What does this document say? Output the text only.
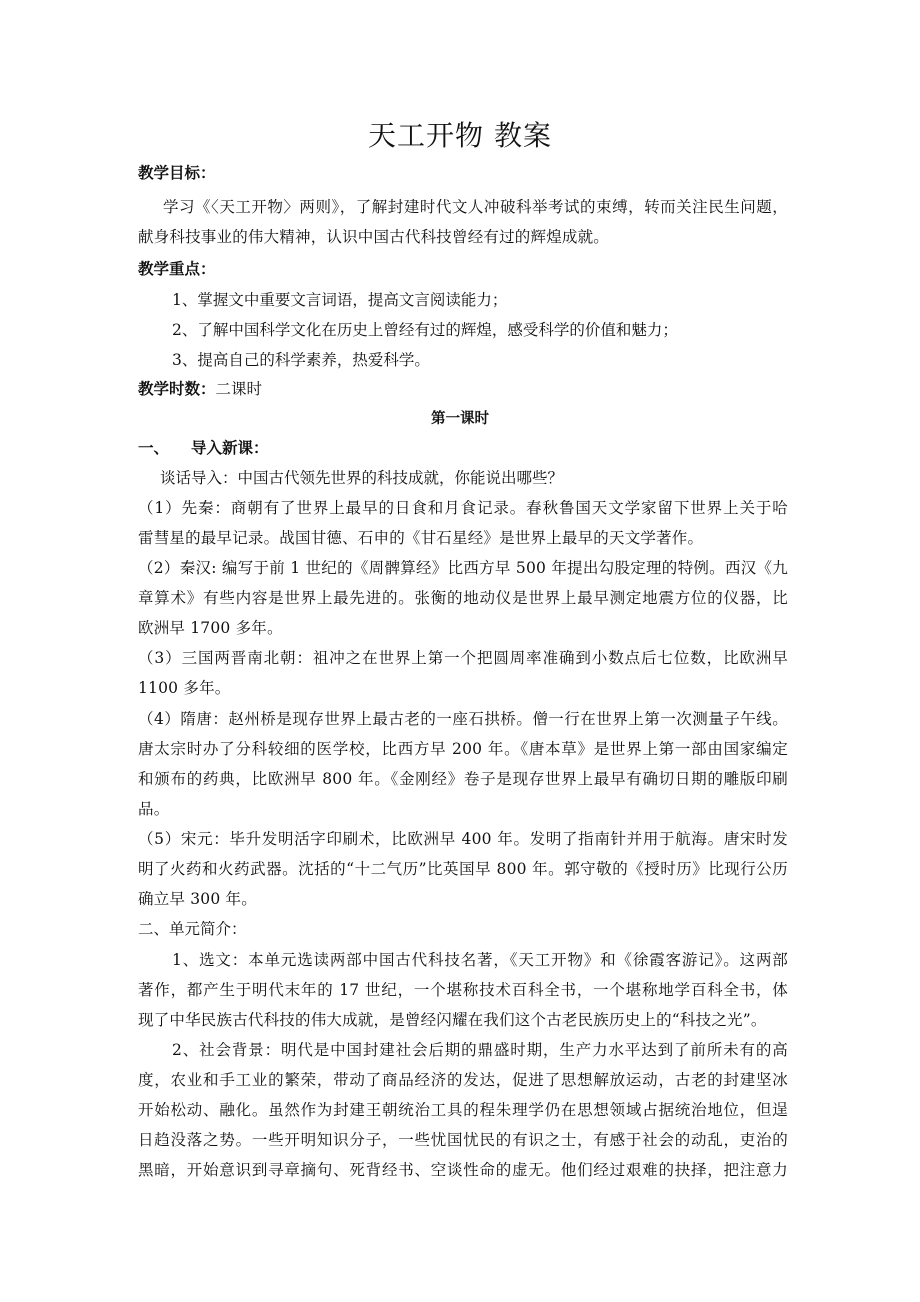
天工开物 教案
教学目标：
学习《〈天工开物〉两则》，了解封建时代文人冲破科举考试的束缚，转而关注民生问题，
献身科技事业的伟大精神，认识中国古代科技曾经有过的辉煌成就。
教学重点：
1、掌握文中重要文言词语，提高文言阅读能力；
2、了解中国科学文化在历史上曾经有过的辉煌，感受科学的价值和魅力；
3、提高自己的科学素养，热爱科学。
教学时数：二课时
第一课时
一、 导入新课：
谈话导入：中国古代领先世界的科技成就，你能说出哪些？
（1）先秦：商朝有了世界上最早的日食和月食记录。春秋鲁国天文学家留下世界上关于哈
雷彗星的最早记录。战国甘德、石申的《甘石星经》是世界上最早的天文学著作。
（2）秦汉: 编写于前 1 世纪的《周髀算经》比西方早 500 年提出勾股定理的特例。西汉《九
章算术》有些内容是世界上最先进的。张衡的地动仪是世界上最早测定地震方位的仪器，比
欧洲早 1700 多年。
（3）三国两晋南北朝：祖冲之在世界上第一个把圆周率准确到小数点后七位数，比欧洲早
1100 多年。
（4）隋唐：赵州桥是现存世界上最古老的一座石拱桥。僧一行在世界上第一次测量子午线。
唐太宗时办了分科较细的医学校，比西方早 200 年。《唐本草》是世界上第一部由国家编定
和颁布的药典，比欧洲早 800 年。《金刚经》卷子是现存世界上最早有确切日期的雕版印刷
品。
（5）宋元：毕升发明活字印刷术，比欧洲早 400 年。发明了指南针并用于航海。唐宋时发
明了火药和火药武器。沈括的“十二气历”比英国早 800 年。郭守敬的《授时历》比现行公历
确立早 300 年。
二、单元简介：
1、选文：本单元选读两部中国古代科技名著，《天工开物》和《徐霞客游记》。这两部
著作，都产生于明代末年的 17 世纪，一个堪称技术百科全书，一个堪称地学百科全书，体
现了中华民族古代科技的伟大成就，是曾经闪耀在我们这个古老民族历史上的“科技之光”。
2、社会背景：明代是中国封建社会后期的鼎盛时期，生产力水平达到了前所未有的高
度，农业和手工业的繁荣，带动了商品经济的发达，促进了思想解放运动，古老的封建坚冰
开始松动、融化。虽然作为封建王朝统治工具的程朱理学仍在思想领域占据统治地位，但逞
日趋没落之势。一些开明知识分子，一些忧国忧民的有识之士，有感于社会的动乱，吏治的
黑暗，开始意识到寻章摘句、死背经书、空谈性命的虚无。他们经过艰难的抉择，把注意力
